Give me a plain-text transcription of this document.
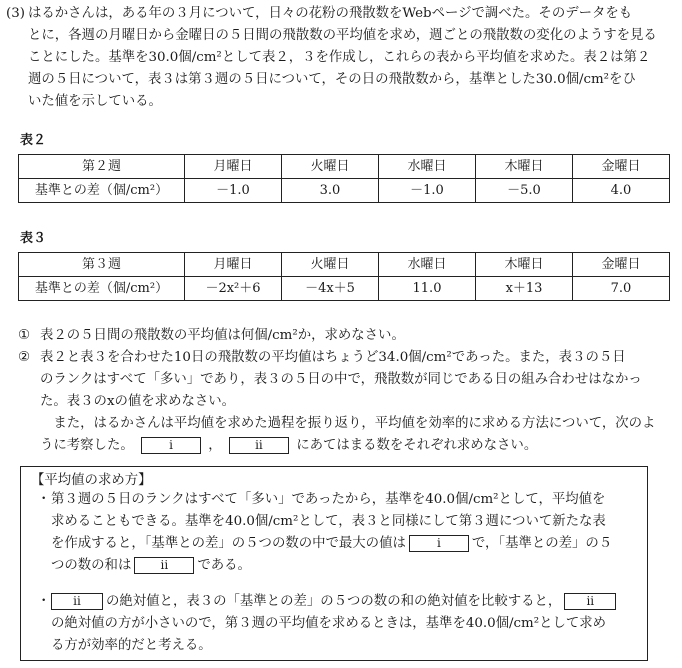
(3) はるかさんは，ある年の３月について，日々の花粉の飛散数をWebページで調べた。そのデータをも
とに，各週の月曜日から金曜日の５日間の飛散数の平均値を求め，週ごとの飛散数の変化のようすを見る
ことにした。基準を30.0個/cm²として表２，３を作成し，これらの表から平均値を求めた。表２は第２
週の５日について，表３は第３週の５日について，その日の飛散数から，基準とした30.0個/cm²をひ
いた値を示している。
表２
第２週	月曜日	火曜日	水曜日	木曜日	金曜日
基準との差（個/cm²）	－1.0	3.0	－1.0	－5.0	4.0
表３
第３週	月曜日	火曜日	水曜日	木曜日	金曜日
基準との差（個/cm²）	－2x²＋6	－4x＋5	11.0	x＋13	7.0
① 表２の５日間の飛散数の平均値は何個/cm²か，求めなさい。
② 表２と表３を合わせた10日の飛散数の平均値はちょうど34.0個/cm²であった。また，表３の５日
のランクはすべて「多い」であり，表３の５日の中で，飛散数が同じである日の組み合わせはなかっ
た。表３のxの値を求めなさい。
　また，はるかさんは平均値を求めた過程を振り返り，平均値を効率的に求める方法について，次のよ
うに考察した。	i	，	ii にあてはまる数をそれぞれ求めなさい。
【平均値の求め方】
・ 第３週の５日のランクはすべて「多い」であったから，基準を40.0個/cm²として，平均値を
求めることもできる。基準を40.0個/cm²として，表３と同様にして第３週について新たな表
を作成すると，「基準との差」の５つの数の中で最大の値は	i で，「基準との差」の５
つの数の和は ii である。
・	ii の絶対値と，表３の「基準との差」の５つの数の和の絶対値を比較すると， ii
の絶対値の方が小さいので，第３週の平均値を求めるときは，基準を40.0個/cm²として求め
る方が効率的だと考える。
